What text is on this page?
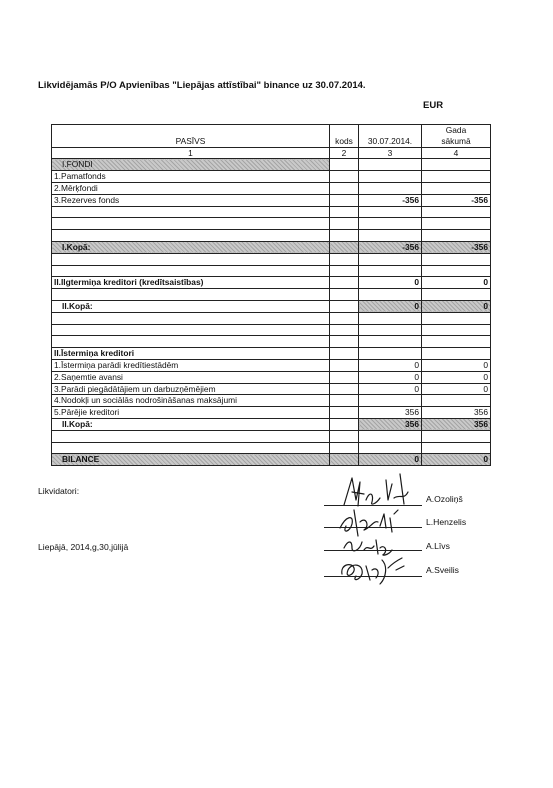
Likvidējamās P/O Apvienības "Liepājas attīstībai" binance uz 30.07.2014.
EUR
PASĪVS	kods	30.07.2014.	Gada
sākumā
1	2	3	4
I.FONDI			
1.Pamatfonds			
2.Mērķfondi			
3.Rezerves fonds		-356	-356

I.Kopā:		-356	-356

II.Ilgtermiņa kreditori (kredītsaistības)		0	0

II.Kopā:		0	0

II.Īstermiņa kreditori			
1.Īstermiņa parādi kredītiestādēm		0	0
2.Saņemtie avansi		0	0
3.Parādi piegādātājiem un darbuzņēmējiem		0	0
4.Nodokļi un sociālās nodrošināšanas maksājumi			
5.Pārējie kreditori		356	356
II.Kopā:		356	356

BILANCE		0	0
Likvidatori:
Liepājā, 2014,g,30,jūlijā
A.Ozoliņš
L.Henzelis
A.Līvs
A.Sveilis
